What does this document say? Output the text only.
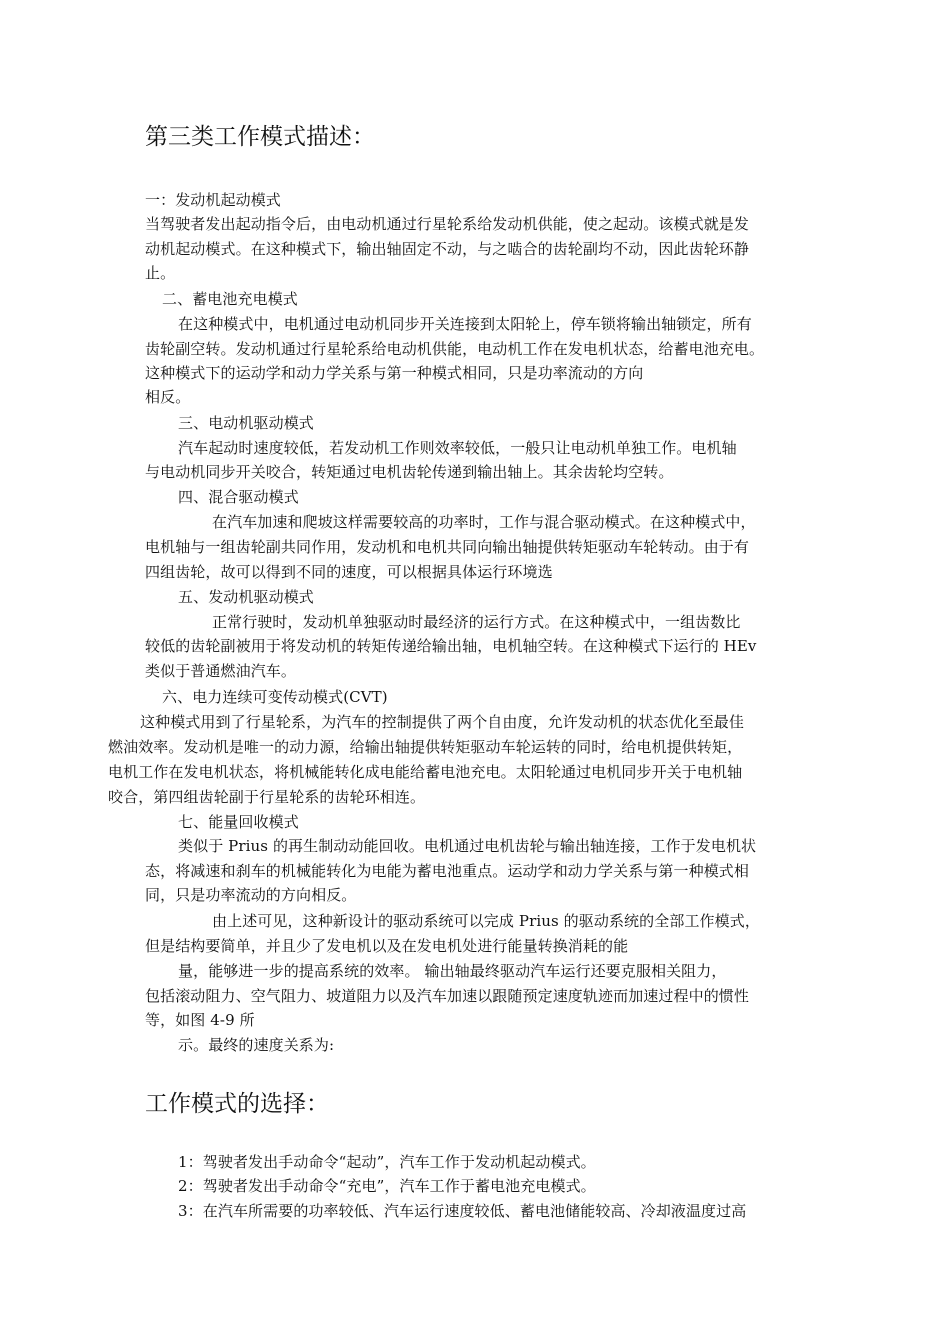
第三类工作模式描述：
一：发动机起动模式
当驾驶者发出起动指令后，由电动机通过行星轮系给发动机供能，使之起动。该模式就是发
动机起动模式。在这种模式下，输出轴固定不动，与之啮合的齿轮副均不动，因此齿轮环静
止。
二、蓄电池充电模式
在这种模式中，电机通过电动机同步开关连接到太阳轮上，停车锁将输出轴锁定，所有
齿轮副空转。发动机通过行星轮系给电动机供能，电动机工作在发电机状态，给蓄电池充电。
这种模式下的运动学和动力学关系与第一种模式相同，只是功率流动的方向
相反。
三、电动机驱动模式
汽车起动时速度较低，若发动机工作则效率较低，一般只让电动机单独工作。电机轴
与电动机同步开关咬合，转矩通过电机齿轮传递到输出轴上。其余齿轮均空转。
四、混合驱动模式
在汽车加速和爬坡这样需要较高的功率时，工作与混合驱动模式。在这种模式中，
电机轴与一组齿轮副共同作用，发动机和电机共同向输出轴提供转矩驱动车轮转动。由于有
四组齿轮，故可以得到不同的速度，可以根据具体运行环境选
五、发动机驱动模式
正常行驶时，发动机单独驱动时最经济的运行方式。在这种模式中，一组齿数比
较低的齿轮副被用于将发动机的转矩传递给输出轴，电机轴空转。在这种模式下运行的 HEv
类似于普通燃油汽车。
六、电力连续可变传动模式(CVT)
这种模式用到了行星轮系，为汽车的控制提供了两个自由度，允许发动机的状态优化至最佳
燃油效率。发动机是唯一的动力源，给输出轴提供转矩驱动车轮运转的同时，给电机提供转矩，
电机工作在发电机状态，将机械能转化成电能给蓄电池充电。太阳轮通过电机同步开关于电机轴
咬合，第四组齿轮副于行星轮系的齿轮环相连。
七、能量回收模式
类似于 Prius 的再生制动动能回收。电机通过电机齿轮与输出轴连接，工作于发电机状
态，将减速和刹车的机械能转化为电能为蓄电池重点。运动学和动力学关系与第一种模式相
同，只是功率流动的方向相反。
由上述可见，这种新设计的驱动系统可以完成 Prius 的驱动系统的全部工作模式，
但是结构要简单，并且少了发电机以及在发电机处进行能量转换消耗的能
量，能够进一步的提高系统的效率。 输出轴最终驱动汽车运行还要克服相关阻力，
包括滚动阻力、空气阻力、坡道阻力以及汽车加速以跟随预定速度轨迹而加速过程中的惯性
等，如图 4-9 所
示。最终的速度关系为:
工作模式的选择：
1：驾驶者发出手动命令“起动”，汽车工作于发动机起动模式。
2：驾驶者发出手动命令“充电”，汽车工作于蓄电池充电模式。
3：在汽车所需要的功率较低、汽车运行速度较低、蓄电池储能较高、冷却液温度过高
